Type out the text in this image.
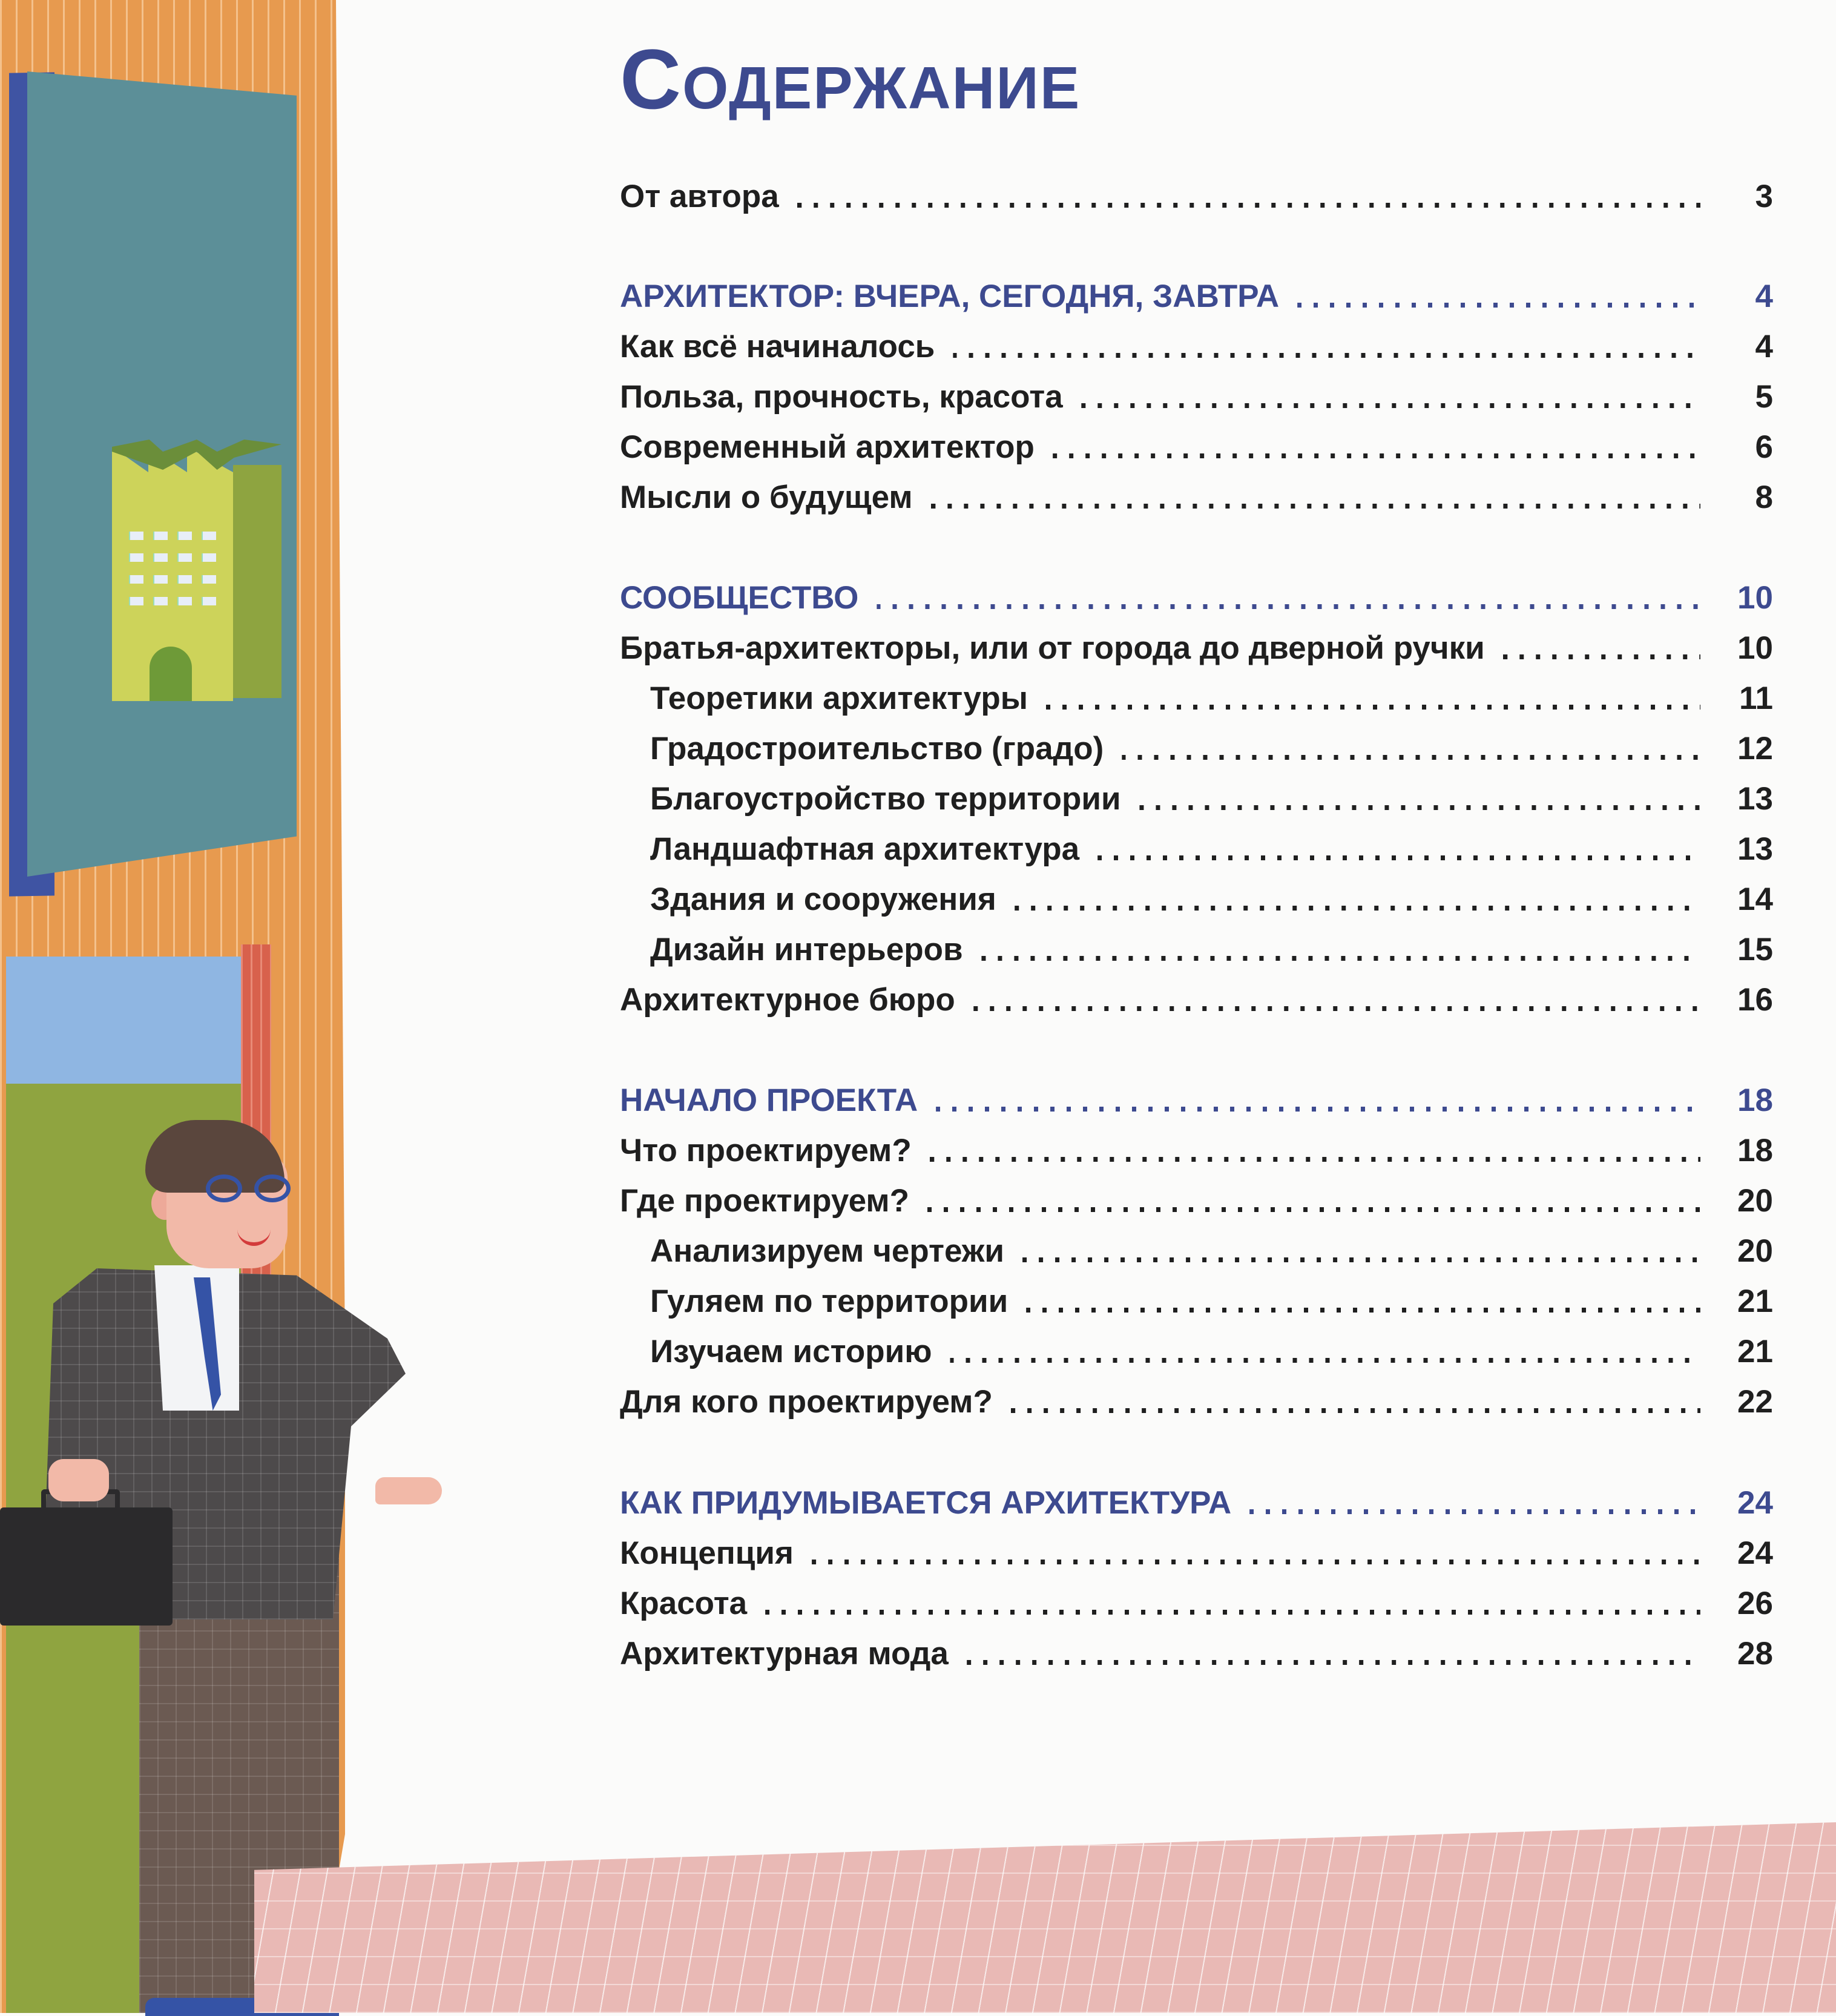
Содержание
От автора	3
АРХИТЕКТОР: ВЧЕРА, СЕГОДНЯ, ЗАВТРА	4
Как всё начиналось	4
Польза, прочность, красота	5
Современный архитектор	6
Мысли о будущем	8
СООБЩЕСТВО	10
Братья-архитекторы, или от города до дверной ручки	10
Теоретики архитектуры	11
Градостроительство (градо)	12
Благоустройство территории	13
Ландшафтная архитектура	13
Здания и сооружения	14
Дизайн интерьеров	15
Архитектурное бюро	16
НАЧАЛО ПРОЕКТА	18
Что проектируем?	18
Где проектируем?	20
Анализируем чертежи	20
Гуляем по территории	21
Изучаем историю	21
Для кого проектируем?	22
КАК ПРИДУМЫВАЕТСЯ АРХИТЕКТУРА	24
Концепция	24
Красота	26
Архитектурная мода	28
